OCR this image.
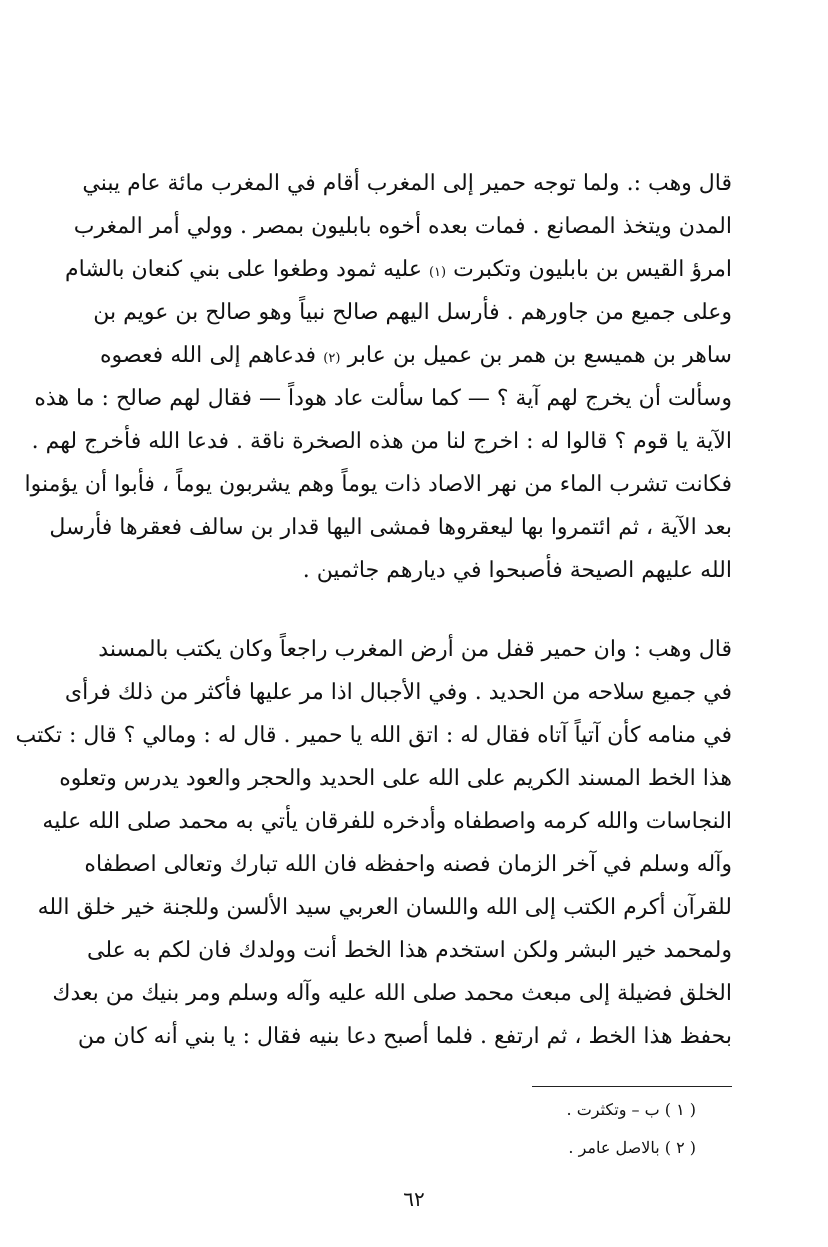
قال وهب :. ولما توجه حمير إلى المغرب أقام في المغرب مائة عام يبني
المدن ويتخذ المصانع . فمات بعده أخوه بابليون بمصر . وولي أمر المغرب
امرؤ القيس بن بابليون وتكبرت (١) عليه ثمود وطغوا على بني كنعان بالشام
وعلى جميع من جاورهم . فأرسل اليهم صالح نبياً وهو صالح بن عويم بن
ساهر بن هميسع بن همر بن عميل بن عابر (٢) فدعاهم إلى الله فعصوه
وسألت أن يخرج لهم آية ؟ — كما سألت عاد هوداً — فقال لهم صالح : ما هذه
الآية يا قوم ؟ قالوا له : اخرج لنا من هذه الصخرة ناقة . فدعا الله فأخرج لهم .
فكانت تشرب الماء من نهر الاصاد ذات يوماً وهم يشربون يوماً ، فأبوا أن يؤمنوا
بعد الآية ، ثم ائتمروا بها ليعقروها فمشى اليها قدار بن سالف فعقرها فأرسل
الله عليهم الصيحة فأصبحوا في ديارهم جاثمين .
قال وهب : وان حمير قفل من أرض المغرب راجعاً وكان يكتب بالمسند
في جميع سلاحه من الحديد . وفي الأجبال اذا مر عليها فأكثر من ذلك فرأى
في منامه كأن آتياً آتاه فقال له : اتق الله يا حمير . قال له : ومالي ؟ قال : تكتب
هذا الخط المسند الكريم على الله على الحديد والحجر والعود يدرس وتعلوه
النجاسات والله كرمه واصطفاه وأدخره للفرقان يأتي به محمد صلى الله عليه
وآله وسلم في آخر الزمان فصنه واحفظه فان الله تبارك وتعالى اصطفاه
للقرآن أكرم الكتب إلى الله واللسان العربي سيد الألسن وللجنة خير خلق الله
ولمحمد خير البشر ولكن استخدم هذا الخط أنت وولدك فان لكم به على
الخلق فضيلة إلى مبعث محمد صلى الله عليه وآله وسلم ومر بنيك من بعدك
بحفظ هذا الخط ، ثم ارتفع . فلما أصبح دعا بنيه فقال : يا بني أنه كان من
( ١ ) ب – وتكثرت .
( ٢ ) بالاصل عامر .
٦٢
